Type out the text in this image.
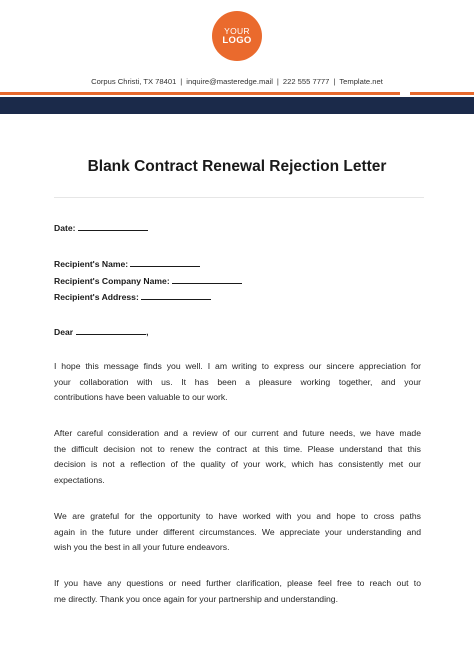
YOUR
LOGO
Corpus Christi, TX 78401 | inquire@masteredge.mail | 222 555 7777 | Template.net
Blank Contract Renewal Rejection Letter
Date:
Recipient's Name:
Recipient's Company Name:
Recipient's Address:
Dear	,
I hope this message finds you well. I am writing to express our sincere appreciation for
your collaboration with us. It has been a pleasure working together, and your
contributions have been valuable to our work.
After careful consideration and a review of our current and future needs, we have made
the difficult decision not to renew the contract at this time. Please understand that this
decision is not a reflection of the quality of your work, which has consistently met our
expectations.
We are grateful for the opportunity to have worked with you and hope to cross paths
again in the future under different circumstances. We appreciate your understanding and
wish you the best in all your future endeavors.
If you have any questions or need further clarification, please feel free to reach out to
me directly. Thank you once again for your partnership and understanding.
